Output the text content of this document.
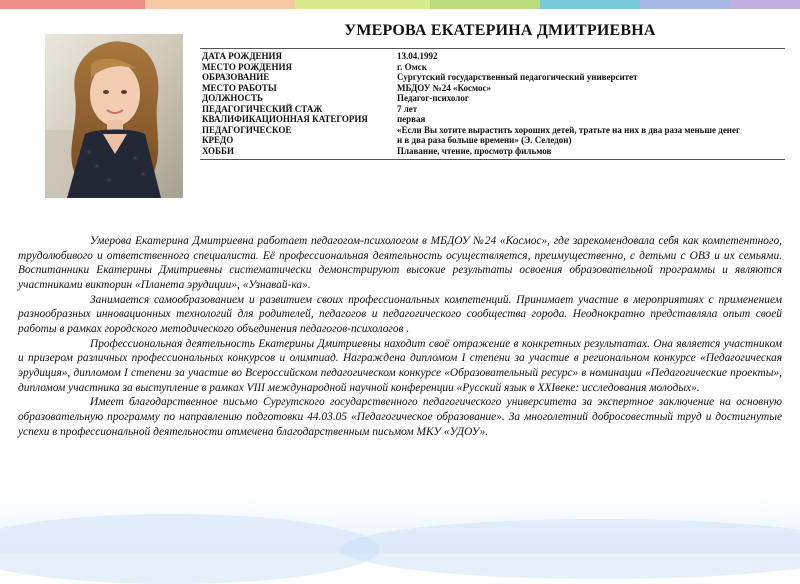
УМЕРОВА ЕКАТЕРИНА ДМИТРИЕВНА
ДАТА РОЖДЕНИЯ	13.04.1992
МЕСТО РОЖДЕНИЯ	г. Омск
ОБРАЗОВАНИЕ	Сургутский государственный педагогический университет
МЕСТО РАБОТЫ	МБДОУ №24 «Космос»
ДОЛЖНОСТЬ	Педагог-психолог
ПЕДАГОГИЧЕСКИЙ СТАЖ	7 лет
КВАЛИФИКАЦИОННАЯ КАТЕГОРИЯ	первая
ПЕДАГОГИЧЕСКОЕ	«Если Вы хотите вырастить хороших детей, тратьте на них в два раза меньше денег
КРЕДО	и в два раза больше времени» (Э. Селедон)
ХОББИ	Плавание, чтение, просмотр фильмов

Умерова Екатерина Дмитриевна работает педагогом-психологом в МБДОУ №24 «Космос», где зарекомендовала себя как компетентного, трудолюбивого и ответственного специалиста. Её профессиональная деятельность осуществляется, преимущественно, с детьми с ОВЗ и их семьями. Воспитанники Екатерины Дмитриевны систематически демонстрируют высокие результаты освоения образовательной программы и являются участниками викторин «Планета эрудиции», «Узнавай-ка».

Занимается самообразованием и развитием своих профессиональных компетенций. Принимает участие в мероприятиях с применением разнообразных инновационных технологий для родителей, педагогов и педагогического сообщества города. Неоднократно представляла опыт своей работы в рамках городского методического объединения педагогов-психологов .

Профессиональная деятельность Екатерины Дмитриевны находит своё отражение в конкретных результатах. Она является участником и призером различных профессиональных конкурсов и олимпиад. Награждена дипломом I степени за участие в региональном конкурсе «Педагогическая эрудиция», дипломом I степени за участие во Всероссийском педагогическом конкурсе «Образовательный ресурс» в номинации «Педагогические проекты», дипломом участника за выступление в рамках VIII международной научной конференции «Русский язык в XXIвеке: исследования молодых».

Имеет благодарственное письмо Сургутского государственного педагогического университета за экспертное заключение на основную образовательную программу по направлению подготовки 44.03.05 «Педагогическое образование». За многолетний добросовестный труд и достигнутые успехи в профессиональной деятельности отмечена благодарственным письмом МКУ «УДОУ».
